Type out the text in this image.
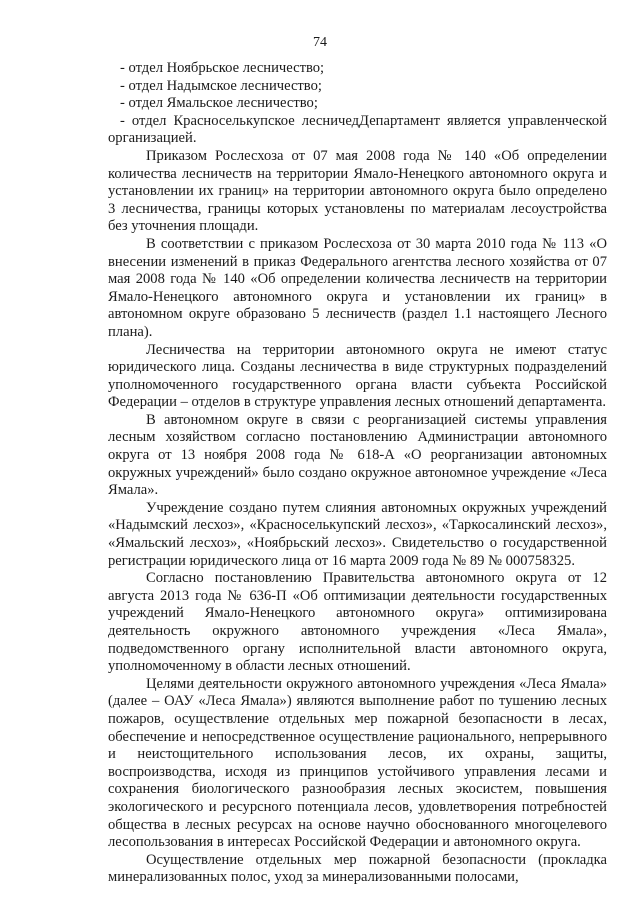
74

- отдел Ноябрьское лесничество;

- отдел Надымское лесничество;

- отдел Ямальское лесничество;

- отдел Красноселькупское лесничедДепартамент является управленческой организацией.

Приказом Рослесхоза от 07 мая 2008 года № 140 «Об определении количества лесничеств на территории Ямало-Ненецкого автономного округа и установлении их границ» на территории автономного округа было определено 3 лесничества, границы которых установлены по материалам лесоустройства без уточнения площади.

В соответствии с приказом Рослесхоза от 30 марта 2010 года № 113 «О внесении изменений в приказ Федерального агентства лесного хозяйства от 07 мая 2008 года № 140 «Об определении количества лесничеств на территории Ямало-Ненецкого автономного округа и установлении их границ» в автономном округе образовано 5 лесничеств (раздел 1.1 настоящего Лесного плана).

Лесничества на территории автономного округа не имеют статус юридического лица. Созданы лесничества в виде структурных подразделений уполномоченного государственного органа власти субъекта Российской Федерации – отделов в структуре управления лесных отношений департамента.

В автономном округе в связи с реорганизацией системы управления лесным хозяйством согласно постановлению Администрации автономного округа от 13 ноября 2008 года № 618-А «О реорганизации автономных окружных учреждений» было создано окружное автономное учреждение «Леса Ямала».

Учреждение создано путем слияния автономных окружных учреждений «Надымский лесхоз», «Красноселькупский лесхоз», «Таркосалинский лесхоз», «Ямальский лесхоз», «Ноябрьский лесхоз». Свидетельство о государственной регистрации юридического лица от 16 марта 2009 года № 89 № 000758325.

Согласно постановлению Правительства автономного округа от 12 августа 2013 года № 636-П «Об оптимизации деятельности государственных учреждений Ямало-Ненецкого автономного округа» оптимизирована деятельность окружного автономного учреждения «Леса Ямала», подведомственного органу исполнительной власти автономного округа, уполномоченному в области лесных отношений.

Целями деятельности окружного автономного учреждения «Леса Ямала» (далее – ОАУ «Леса Ямала») являются выполнение работ по тушению лесных пожаров, осуществление отдельных мер пожарной безопасности в лесах, обеспечение и непосредственное осуществление рационального, непрерывного и неистощительного использования лесов, их охраны, защиты, воспроизводства, исходя из принципов устойчивого управления лесами и сохранения биологического разнообразия лесных экосистем, повышения экологического и ресурсного потенциала лесов, удовлетворения потребностей общества в лесных ресурсах на основе научно обоснованного многоцелевого лесопользования в интересах Российской Федерации и автономного округа.

Осуществление отдельных мер пожарной безопасности (прокладка минерализованных полос, уход за минерализованными полосами,
